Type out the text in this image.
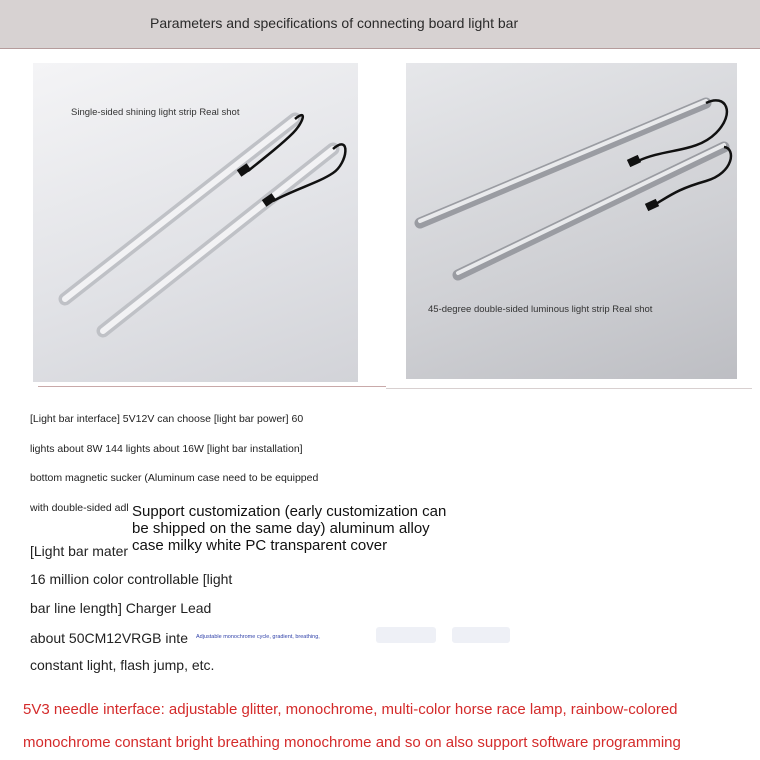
Parameters and specifications of connecting board light bar
Single-sided shining light strip Real shot
45-degree double-sided luminous light strip Real shot
[Light bar interface] 5V12V can choose [light bar power] 60
lights about 8W 144 lights about 16W [light bar installation]
bottom magnetic sucker (Aluminum case need to be equipped
with double-sided adl
[Light bar mater
16 million color controllable [light
bar line length] Charger Lead
about 50CM12VRGB inte
constant light, flash jump, etc.
Support customization (early customization can be shipped on the same day) aluminum alloy case milky white PC transparent cover
Adjustable monochrome cycle, gradient, breathing,
5V3 needle interface: adjustable glitter, monochrome, multi-color horse race lamp, rainbow-colored
monochrome constant bright breathing monochrome and so on also support software programming
